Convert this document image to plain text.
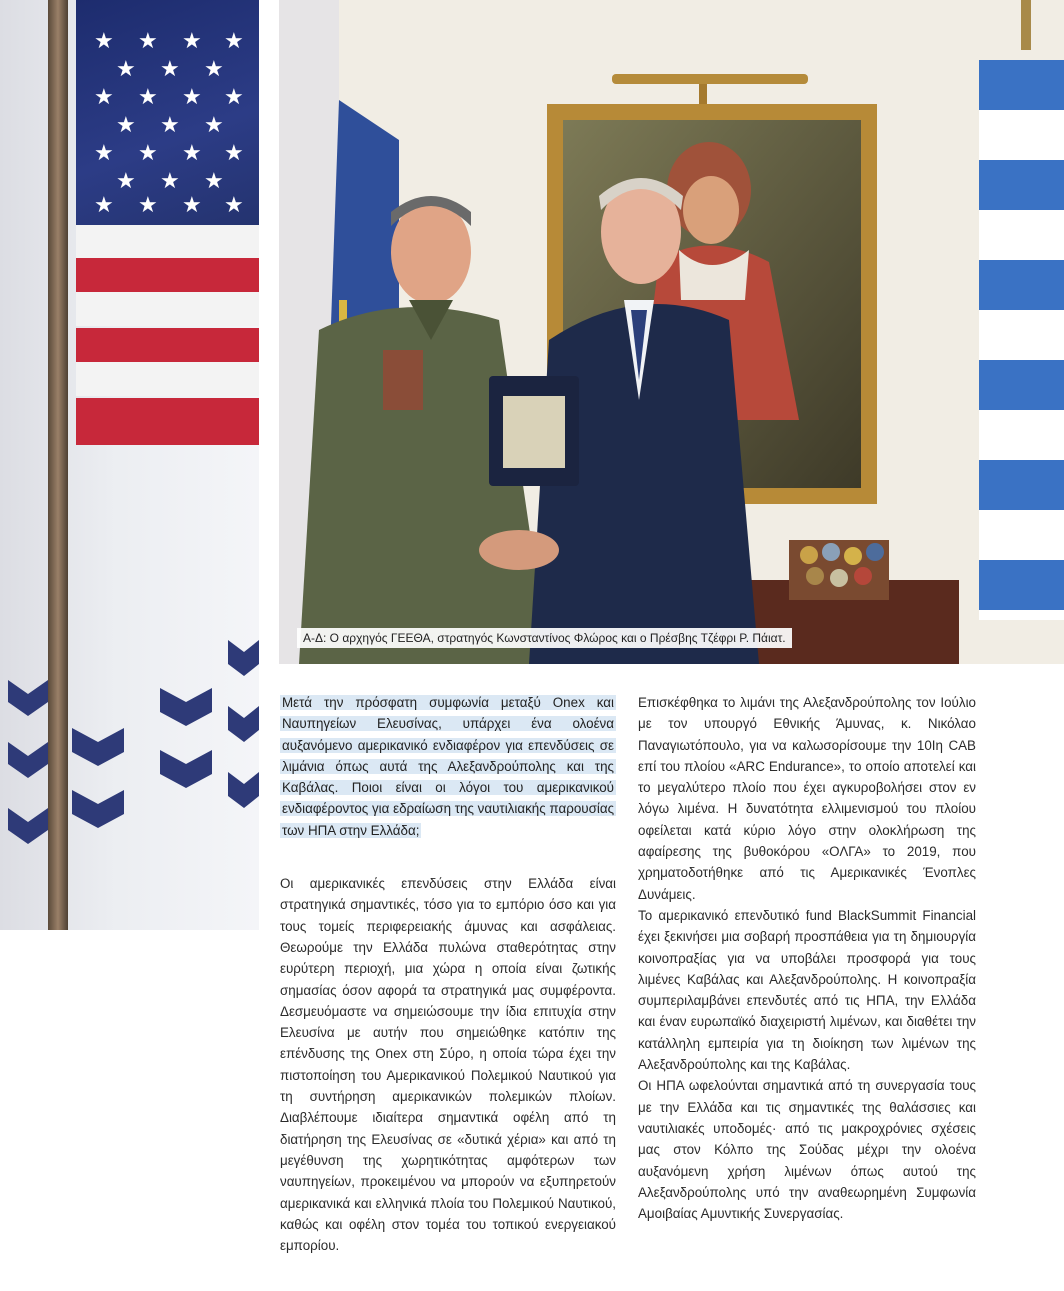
★ ★ ★ ★
★ ★ ★
★ ★ ★ ★
★ ★ ★
★ ★ ★ ★
★ ★ ★
★ ★ ★ ★
Α-Δ: Ο αρχηγός ΓΕΕΘΑ, στρατηγός Κωνσταντίνος Φλώρος και ο Πρέσβης Τζέφρι Ρ. Πάιατ.

Μετά την πρόσφατη συμφωνία μεταξύ Onex και Ναυπηγείων Ελευσίνας, υπάρχει ένα ολοένα αυξανόμενο αμερικανικό ενδιαφέρον για επενδύσεις σε λιμάνια όπως αυτά της Αλεξανδρούπολης και της Καβάλας. Ποιοι είναι οι λόγοι του αμερικανικού ενδιαφέροντος για εδραίωση της ναυτιλιακής παρουσίας των ΗΠΑ στην Ελλάδα;

Οι αμερικανικές επενδύσεις στην Ελλάδα είναι στρατηγικά σημαντικές, τόσο για το εμπόριο όσο και για τους τομείς περιφερειακής άμυνας και ασφάλειας. Θεωρούμε την Ελλάδα πυλώνα σταθερότητας στην ευρύτερη περιοχή, μια χώρα η οποία είναι ζωτικής σημασίας όσον αφορά τα στρατηγικά μας συμφέροντα. Δεσμευόμαστε να σημειώσουμε την ίδια επιτυχία στην Ελευσίνα με αυτήν που σημειώθηκε κατόπιν της επένδυσης της Onex στη Σύρο, η οποία τώρα έχει την πιστοποίηση του Αμερικανικού Πολεμικού Ναυτικού για τη συντήρηση αμερικανικών πολεμικών πλοίων. Διαβλέπουμε ιδιαίτερα σημαντικά οφέλη από τη διατήρηση της Ελευσίνας σε «δυτικά χέρια» και από τη μεγέθυνση της χωρητικότητας αμφότερων των ναυπηγείων, προκειμένου να μπορούν να εξυπηρετούν αμερικανικά και ελληνικά πλοία του Πολεμικού Ναυτικού, καθώς και οφέλη στον τομέα του τοπικού ενεργειακού εμπορίου.

Επισκέφθηκα το λιμάνι της Αλεξανδρούπολης τον Ιούλιο με τον υπουργό Εθνικής Άμυνας, κ. Νικόλαο Παναγιωτόπουλο, για να καλωσορίσουμε την 10Ιη CAB επί του πλοίου «ARC Endurance», το οποίο αποτελεί και το μεγαλύτερο πλοίο που έχει αγκυροβολήσει στον εν λόγω λιμένα. Η δυνατότητα ελλιμενισμού του πλοίου οφείλεται κατά κύριο λόγο στην ολοκλήρωση της αφαίρεσης της βυθοκόρου «ΟΛΓΑ» το 2019, που χρηματοδοτήθηκε από τις Αμερικανικές Ένοπλες Δυνάμεις.

Το αμερικανικό επενδυτικό fund BlackSummit Financial έχει ξεκινήσει μια σοβαρή προσπάθεια για τη δημιουργία κοινοπραξίας για να υποβάλει προσφορά για τους λιμένες Καβάλας και Αλεξανδρούπολης. Η κοινοπραξία συμπεριλαμβάνει επενδυτές από τις ΗΠΑ, την Ελλάδα και έναν ευρωπαϊκό διαχειριστή λιμένων, και διαθέτει την κατάλληλη εμπειρία για τη διοίκηση των λιμένων της Αλεξανδρούπολης και της Καβάλας.

Οι ΗΠΑ ωφελούνται σημαντικά από τη συνεργασία τους με την Ελλάδα και τις σημαντικές της θαλάσσιες και ναυτιλιακές υποδομές· από τις μακροχρόνιες σχέσεις μας στον Κόλπο της Σούδας μέχρι την ολοένα αυξανόμενη χρήση λιμένων όπως αυτού της Αλεξανδρούπολης υπό την αναθεωρημένη Συμφωνία Αμοιβαίας Αμυντικής Συνεργασίας.
